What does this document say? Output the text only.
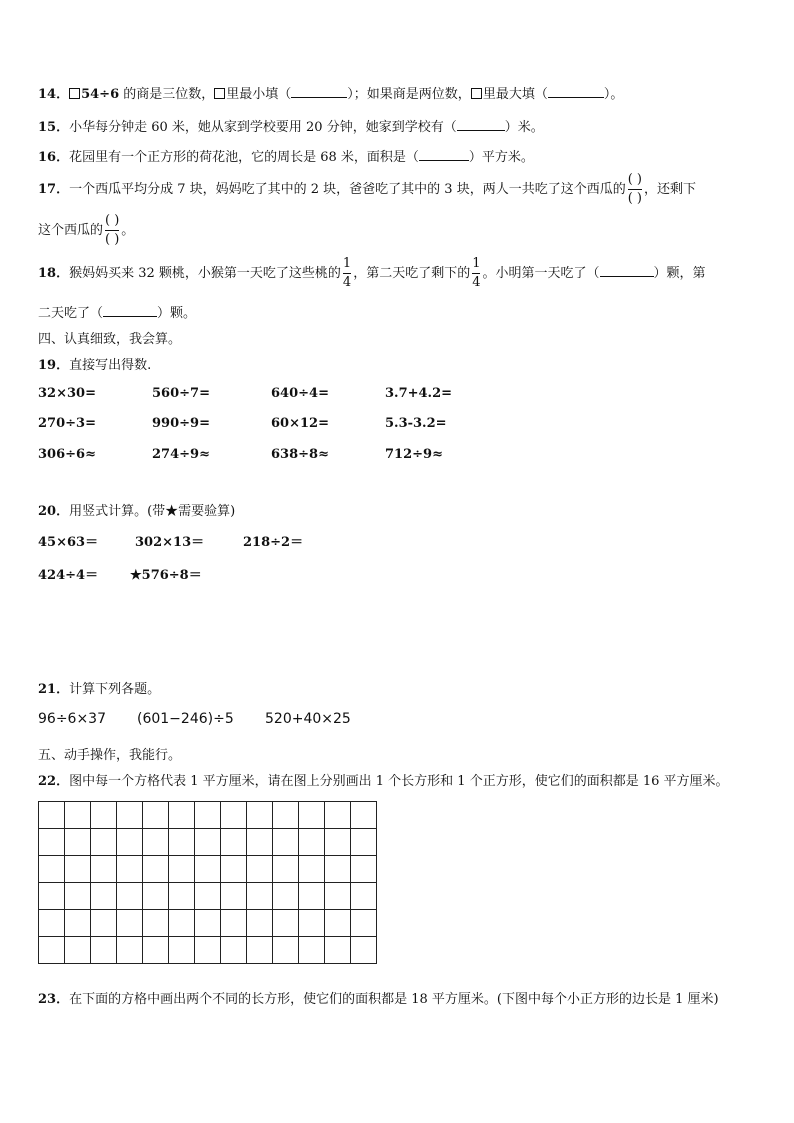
14． 54÷6 的商是三位数， 里最小填（	）；如果商是两位数， 里最大填（	）。
15．小华每分钟走 60 米，她从家到学校要用 20 分钟，她家到学校有（	）米。
16．花园里有一个正方形的荷花池，它的周长是 68 米，面积是（	）平方米。
17．一个西瓜平均分成 7 块，妈妈吃了其中的 2 块，爸爸吃了其中的 3 块，两人一共吃了这个西瓜的 $\frac{( )}{( )}$ ，还剩下
这个西瓜的 $\frac{( )}{( )}$ 。
18．猴妈妈买来 32 颗桃，小猴第一天吃了这些桃的 $\frac{1}{4}$ ，第二天吃了剩下的 $\frac{1}{4}$ 。小明第一天吃了（	）颗，第
二天吃了（	）颗。
四、认真细致，我会算。
19．直接写出得数.
32×30=	560÷7=	640÷4=	3.7+4.2=
270÷3=	990÷9=	60×12=	5.3-3.2=
306÷6≈	274÷9≈	638÷8≈	712÷9≈
20．用竖式计算。(带★需要验算)
45×63＝	302×13＝	218÷2＝
424÷4＝ ★576÷8＝
21．计算下列各题。
96÷6×37 (601−246)÷5 520+40×25
五、动手操作，我能行。
22．图中每一个方格代表 1 平方厘米，请在图上分别画出 1 个长方形和 1 个正方形，使它们的面积都是 16 平方厘米。

23．在下面的方格中画出两个不同的长方形，使它们的面积都是 18 平方厘米。(下图中每个小正方形的边长是 1 厘米)
